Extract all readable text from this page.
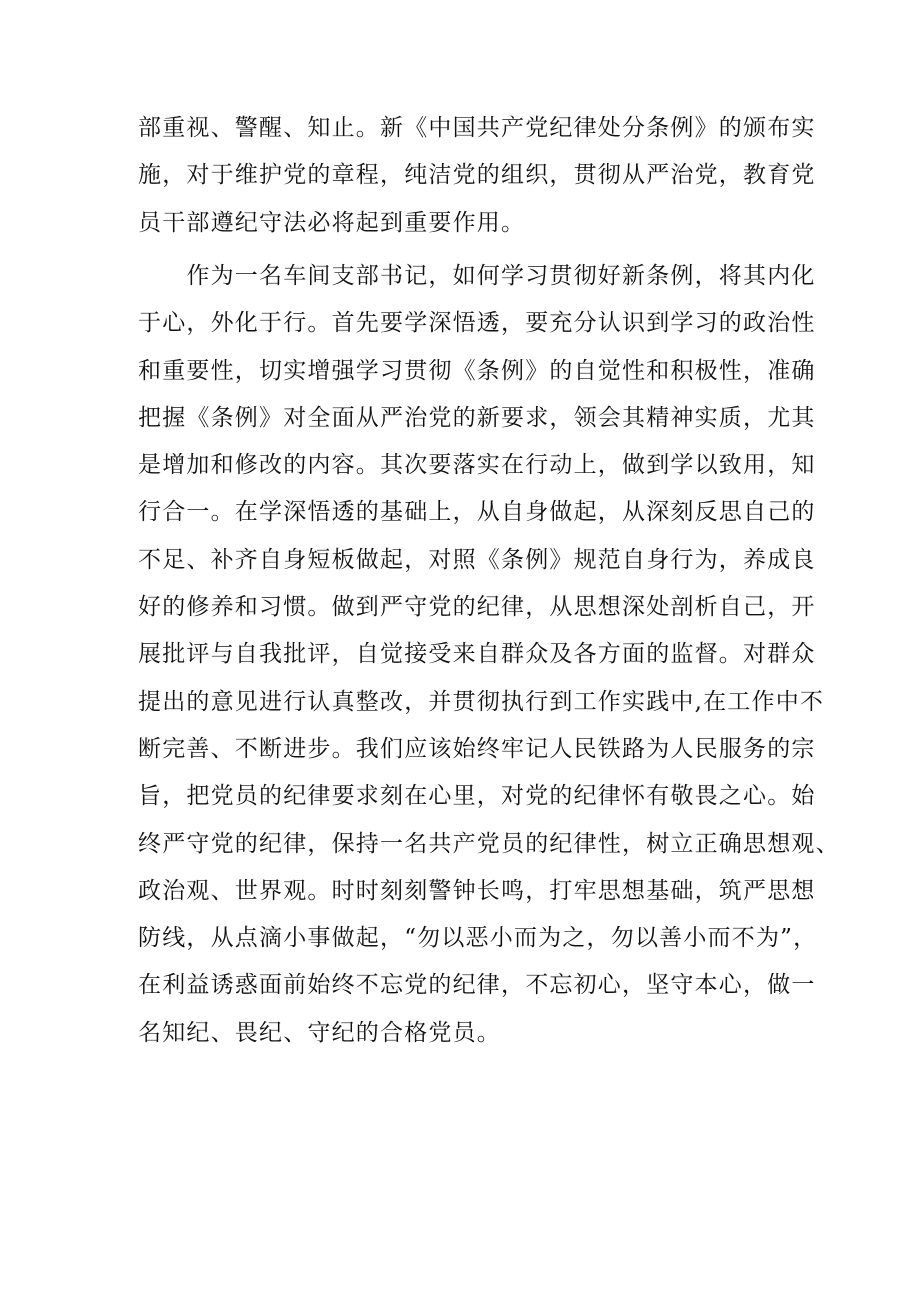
部重视、警醒、知止。新《中国共产党纪律处分条例》的颁布实
施，对于维护党的章程，纯洁党的组织，贯彻从严治党，教育党
员干部遵纪守法必将起到重要作用。
　　作为一名车间支部书记，如何学习贯彻好新条例，将其内化
于心，外化于行。首先要学深悟透，要充分认识到学习的政治性
和重要性，切实增强学习贯彻《条例》的自觉性和积极性，准确
把握《条例》对全面从严治党的新要求，领会其精神实质，尤其
是增加和修改的内容。其次要落实在行动上，做到学以致用，知
行合一。在学深悟透的基础上，从自身做起，从深刻反思自己的
不足、补齐自身短板做起，对照《条例》规范自身行为，养成良
好的修养和习惯。做到严守党的纪律，从思想深处剖析自己，开
展批评与自我批评，自觉接受来自群众及各方面的监督。对群众
提出的意见进行认真整改，并贯彻执行到工作实践中,在工作中不
断完善、不断进步。我们应该始终牢记人民铁路为人民服务的宗
旨，把党员的纪律要求刻在心里，对党的纪律怀有敬畏之心。始
终严守党的纪律，保持一名共产党员的纪律性，树立正确思想观、
政治观、世界观。时时刻刻警钟长鸣，打牢思想基础，筑严思想
防线，从点滴小事做起，“勿以恶小而为之，勿以善小而不为”，
在利益诱惑面前始终不忘党的纪律，不忘初心，坚守本心，做一
名知纪、畏纪、守纪的合格党员。
